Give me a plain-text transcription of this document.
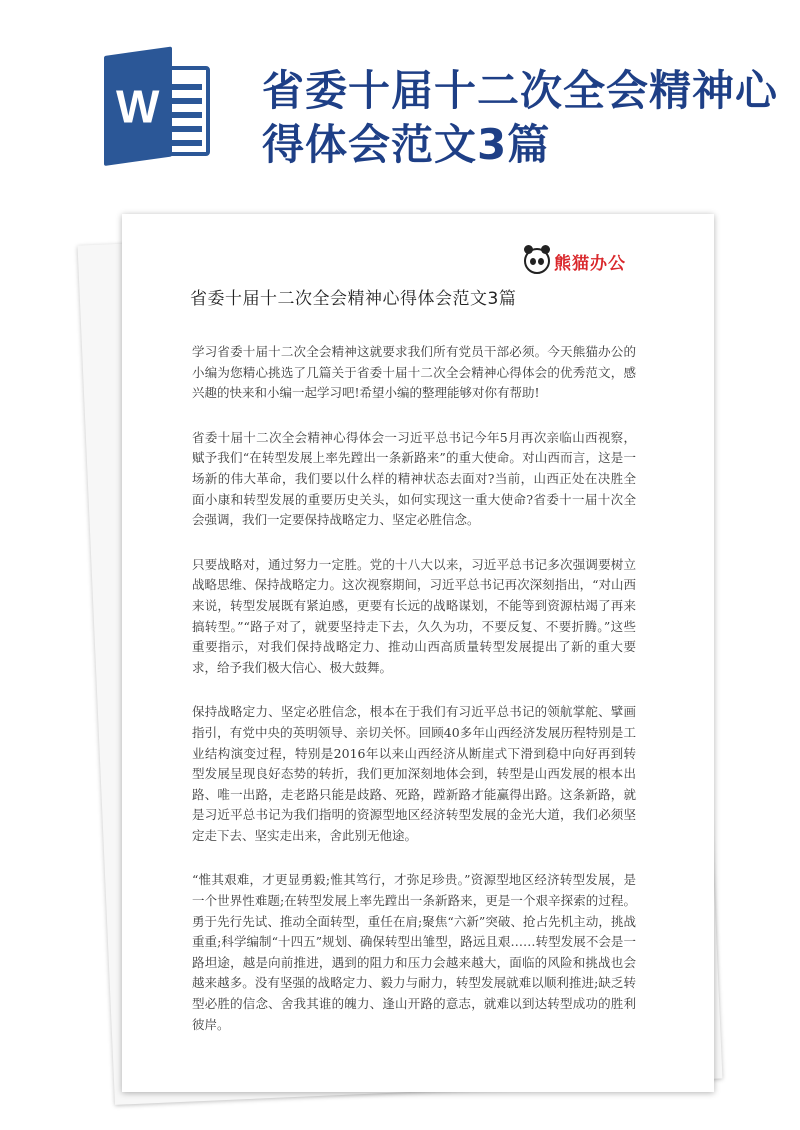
W 省委十届十二次全会精神心得体会范文3篇
熊猫办公
省委十届十二次全会精神心得体会范文3篇

学习省委十届十二次全会精神这就要求我们所有党员干部必须。今天熊猫办公的小编为您精心挑选了几篇关于省委十届十二次全会精神心得体会的优秀范文，感兴趣的快来和小编一起学习吧!希望小编的整理能够对你有帮助!

省委十届十二次全会精神心得体会一习近平总书记今年5月再次亲临山西视察，赋予我们“在转型发展上率先蹚出一条新路来”的重大使命。对山西而言，这是一场新的伟大革命，我们要以什么样的精神状态去面对?当前，山西正处在决胜全面小康和转型发展的重要历史关头，如何实现这一重大使命?省委十一届十次全会强调，我们一定要保持战略定力、坚定必胜信念。

只要战略对，通过努力一定胜。党的十八大以来，习近平总书记多次强调要树立战略思维、保持战略定力。这次视察期间，习近平总书记再次深刻指出，“对山西来说，转型发展既有紧迫感，更要有长远的战略谋划，不能等到资源枯竭了再来搞转型。”“路子对了，就要坚持走下去，久久为功，不要反复、不要折腾。”这些重要指示，对我们保持战略定力、推动山西高质量转型发展提出了新的重大要求，给予我们极大信心、极大鼓舞。

保持战略定力、坚定必胜信念，根本在于我们有习近平总书记的领航掌舵、擘画指引，有党中央的英明领导、亲切关怀。回顾40多年山西经济发展历程特别是工业结构演变过程，特别是2016年以来山西经济从断崖式下滑到稳中向好再到转型发展呈现良好态势的转折，我们更加深刻地体会到，转型是山西发展的根本出路、唯一出路，走老路只能是歧路、死路，蹚新路才能赢得出路。这条新路，就是习近平总书记为我们指明的资源型地区经济转型发展的金光大道，我们必须坚定走下去、坚实走出来，舍此别无他途。

“惟其艰难，才更显勇毅;惟其笃行，才弥足珍贵。”资源型地区经济转型发展，是一个世界性难题;在转型发展上率先蹚出一条新路来，更是一个艰辛探索的过程。勇于先行先试、推动全面转型，重任在肩;聚焦“六新”突破、抢占先机主动，挑战重重;科学编制“十四五”规划、确保转型出雏型，路远且艰……转型发展不会是一路坦途，越是向前推进，遇到的阻力和压力会越来越大，面临的风险和挑战也会越来越多。没有坚强的战略定力、毅力与耐力，转型发展就难以顺利推进;缺乏转型必胜的信念、舍我其谁的魄力、逢山开路的意志，就难以到达转型成功的胜利彼岸。
